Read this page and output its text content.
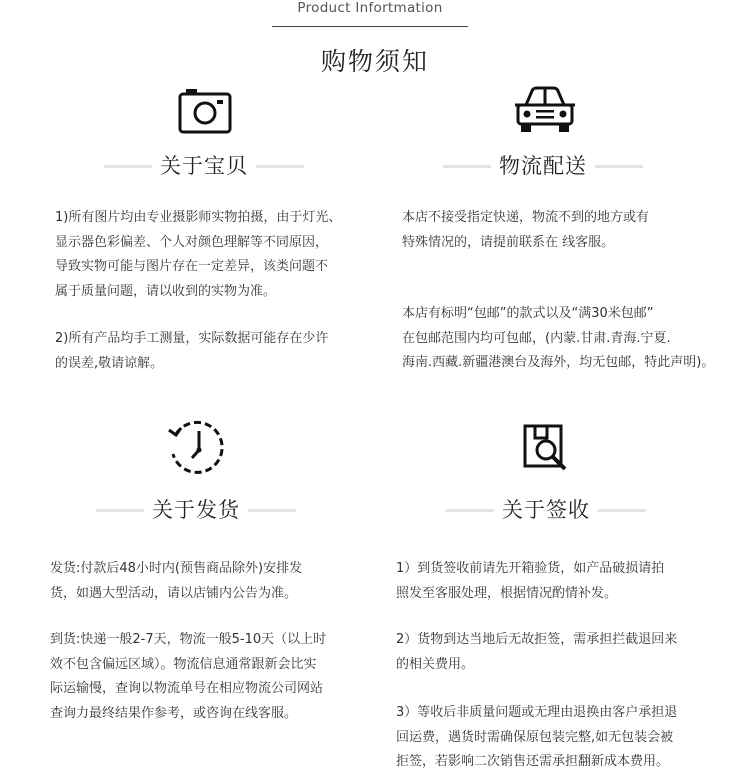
Product Infortmation
购物须知
关于宝贝

1)所有图片均由专业摄影师实物拍摄，由于灯光、
显示器色彩偏差、个人对颜色理解等不同原因，
导致实物可能与图片存在一定差异，该类问题不
属于质量问题，请以收到的实物为准。

2)所有产品均手工测量，实际数据可能存在少许
的误差,敬请谅解。

物流配送

本店不接受指定快递，物流不到的地方或有
特殊情况的，请提前联系在 线客服。

本店有标明“包邮”的款式以及“满30米包邮”
在包邮范围内均可包邮，(内蒙.甘肃.青海.宁夏.
海南.西藏.新疆港澳台及海外，均无包邮，特此声明)。

关于发货

发货:付款后48小时内(预售商品除外)安排发
货，如遇大型活动，请以店铺内公告为准。

到货:快递一般2-7天，物流一般5-10天（以上时
效不包含偏远区域）。物流信息通常跟新会比实
际运输慢，查询以物流单号在相应物流公司网站
查询力最终结果作参考，或咨询在线客服。

关于签收

1）到货签收前请先开箱验货，如产品破损请拍
照发至客服处理，根据情况酌情补发。

2）货物到达当地后无故拒签，需承担拦截退回来
的相关费用。

3）等收后非质量问题或无理由退换由客户承担退
回运费，遇货时需确保原包装完整,如无包装会被
拒签，若影响二次销售还需承担翻新成本费用。
